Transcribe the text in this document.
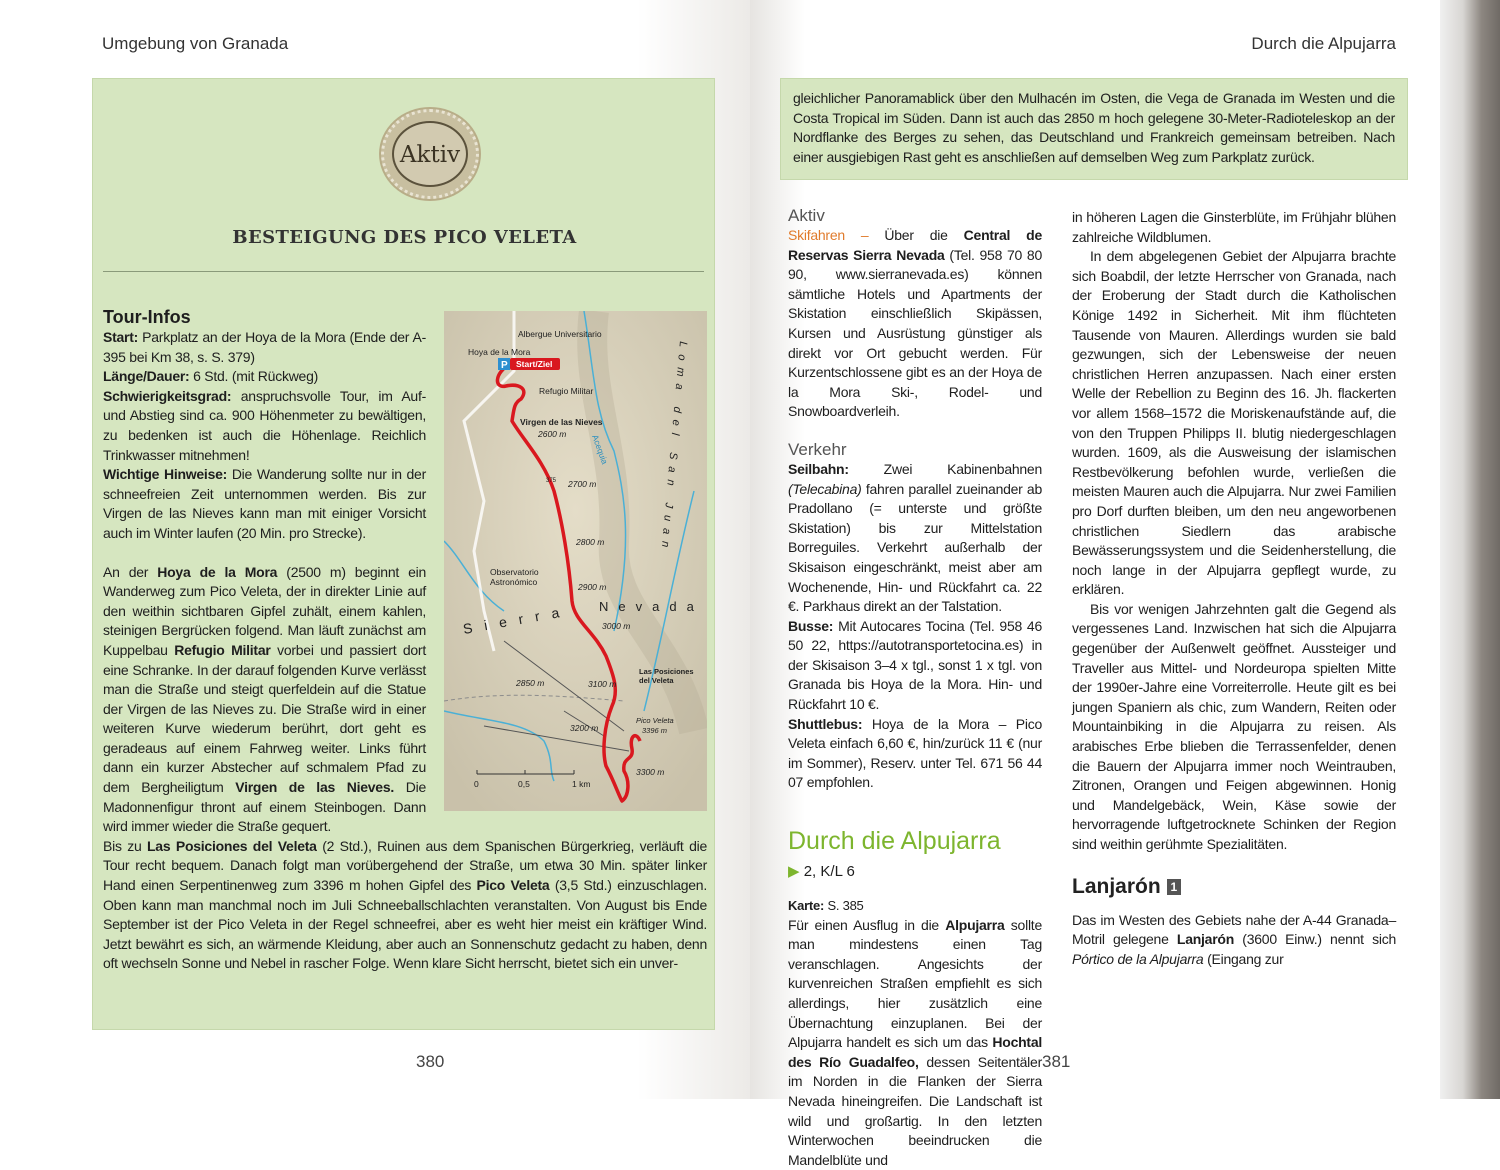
Umgebung von Granada
Aktiv
BESTEIGUNG DES PICO VELETA
P Start/Ziel
Albergue Universitario
Hoya de la Mora
Refugio Militar
Virgen de las Nieves
2600 m	Acequia
375 2700 m	Loma del San Juan
2800 m
Observatorio
Astronómico	2900 m
Sierra Nevada
3000 m
Las Posiciones
del Veleta
2850 m	3100 m
3200 m
Pico Veleta
3396 m
3300 m
0	0,5	1 km
Tour-Infos

Start: Parkplatz an der Hoya de la Mora (Ende der A-395 bei Km 38, s. S. 379)

Länge/Dauer: 6 Std. (mit Rückweg)

Schwierigkeitsgrad: anspruchsvolle Tour, im Auf- und Abstieg sind ca. 900 Höhenmeter zu bewältigen, zu bedenken ist auch die Höhenlage. Reichlich Trinkwasser mitnehmen!

Wichtige Hinweise: Die Wanderung sollte nur in der schneefreien Zeit unternommen werden. Bis zur Virgen de las Nieves kann man mit einiger Vorsicht auch im Winter laufen (20 Min. pro Strecke).

An der Hoya de la Mora (2500 m) beginnt ein Wanderweg zum Pico Veleta, der in direkter Linie auf den weithin sichtbaren Gipfel zuhält, einem kahlen, steinigen Bergrücken folgend. Man läuft zunächst am Kuppelbau Refugio Militar vorbei und passiert dort eine Schranke. In der darauf folgenden Kurve verlässt man die Straße und steigt querfeldein auf die Statue der Virgen de las Nieves zu. Die Straße wird in einer weiteren Kurve wiederum berührt, dort geht es geradeaus auf einem Fahrweg weiter. Links führt dann ein kurzer Abstecher auf schmalem Pfad zu dem Bergheiligtum Virgen de las Nieves. Die Madonnenfigur thront auf einem Steinbogen. Dann wird immer wieder die Straße gequert.

Bis zu Las Posiciones del Veleta (2 Std.), Ruinen aus dem Spanischen Bürgerkrieg, verläuft die Tour recht bequem. Danach folgt man vorübergehend der Straße, um etwa 30 Min. später linker Hand einen Serpentinenweg zum 3396 m hohen Gipfel des Pico Veleta (3,5 Std.) einzuschlagen. Oben kann man manchmal noch im Juli Schneeballschlachten veranstalten. Von August bis Ende September ist der Pico Veleta in der Regel schneefrei, aber es weht hier meist ein kräftiger Wind. Jetzt bewährt es sich, an wärmende Kleidung, aber auch an Sonnenschutz gedacht zu haben, denn oft wechseln Sonne und Nebel in rascher Folge. Wenn klare Sicht herrscht, bietet sich ein unver-

380
Durch die Alpujarra

gleichlicher Panoramablick über den Mulhacén im Osten, die Vega de Granada im Westen und die Costa Tropical im Süden. Dann ist auch das 2850 m hoch gelegene 30-Meter-Radioteleskop an der Nordflanke des Berges zu sehen, das Deutschland und Frankreich gemeinsam betreiben. Nach einer ausgiebigen Rast geht es anschließen auf demselben Weg zum Parkplatz zurück.

Aktiv

Skifahren – Über die Central de Reservas Sierra Nevada (Tel. 958 70 80 90, www.sierranevada.es) können sämtliche Hotels und Apartments der Skistation einschließlich Skipässen, Kursen und Ausrüstung günstiger als direkt vor Ort gebucht werden. Für Kurzentschlossene gibt es an der Hoya de la Mora Ski-, Rodel- und Snowboardverleih.

Verkehr

Seilbahn: Zwei Kabinenbahnen (Telecabina) fahren parallel zueinander ab Pradollano (= unterste und größte Skistation) bis zur Mittelstation Borreguiles. Verkehrt außerhalb der Skisaison eingeschränkt, meist aber am Wochenende, Hin- und Rückfahrt ca. 22 €. Parkhaus direkt an der Talstation.

Busse: Mit Autocares Tocina (Tel. 958 46 50 22, https://autotransportetocina.es) in der Skisaison 3–4 x tgl., sonst 1 x tgl. von Granada bis Hoya de la Mora. Hin- und Rückfahrt 10 €.

Shuttlebus: Hoya de la Mora – Pico Veleta einfach 6,60 €, hin/zurück 11 € (nur im Sommer), Reserv. unter Tel. 671 56 44 07 empfohlen.

Durch die Alpujarra
▶ 2, K/L 6

Karte: S. 385

Für einen Ausflug in die Alpujarra sollte man mindestens einen Tag veranschlagen. Angesichts der kurvenreichen Straßen empfiehlt es sich allerdings, hier zusätzlich eine Übernachtung einzuplanen. Bei der Alpujarra handelt es sich um das Hochtal des Río Guadalfeo, dessen Seitentäler im Norden in die Flanken der Sierra Nevada hineingreifen. Die Landschaft ist wild und großartig. In den letzten Winterwochen beeindrucken die Mandelblüte und

in höheren Lagen die Ginsterblüte, im Frühjahr blühen zahlreiche Wildblumen.

In dem abgelegenen Gebiet der Alpujarra brachte sich Boabdil, der letzte Herrscher von Granada, nach der Eroberung der Stadt durch die Katholischen Könige 1492 in Sicherheit. Mit ihm flüchteten Tausende von Mauren. Allerdings wurden sie bald gezwungen, sich der Lebensweise der neuen christlichen Herren anzupassen. Nach einer ersten Welle der Rebellion zu Beginn des 16. Jh. flackerten vor allem 1568–1572 die Moriskenaufstände auf, die von den Truppen Philipps II. blutig niedergeschlagen wurden. 1609, als die Ausweisung der islamischen Restbevölkerung befohlen wurde, verließen die meisten Mauren auch die Alpujarra. Nur zwei Familien pro Dorf durften bleiben, um den neu angeworbenen christlichen Siedlern das arabische Bewässerungssystem und die Seidenherstellung, die noch lange in der Alpujarra gepflegt wurde, zu erklären.

Bis vor wenigen Jahrzehnten galt die Gegend als vergessenes Land. Inzwischen hat sich die Alpujarra gegenüber der Außenwelt geöffnet. Aussteiger und Traveller aus Mittel- und Nordeuropa spielten Mitte der 1990er-Jahre eine Vorreiterrolle. Heute gilt es bei jungen Spaniern als chic, zum Wandern, Reiten oder Mountainbiking in die Alpujarra zu reisen. Als arabisches Erbe blieben die Terrassenfelder, denen die Bauern der Alpujarra immer noch Weintrauben, Zitronen, Orangen und Feigen abgewinnen. Honig und Mandelgebäck, Wein, Käse sowie der hervorragende luftgetrocknete Schinken der Region sind weithin gerühmte Spezialitäten.

Lanjarón 1

Das im Westen des Gebiets nahe der A-44 Granada–Motril gelegene Lanjarón (3600 Einw.) nennt sich Pórtico de la Alpujarra (Eingang zur

381
